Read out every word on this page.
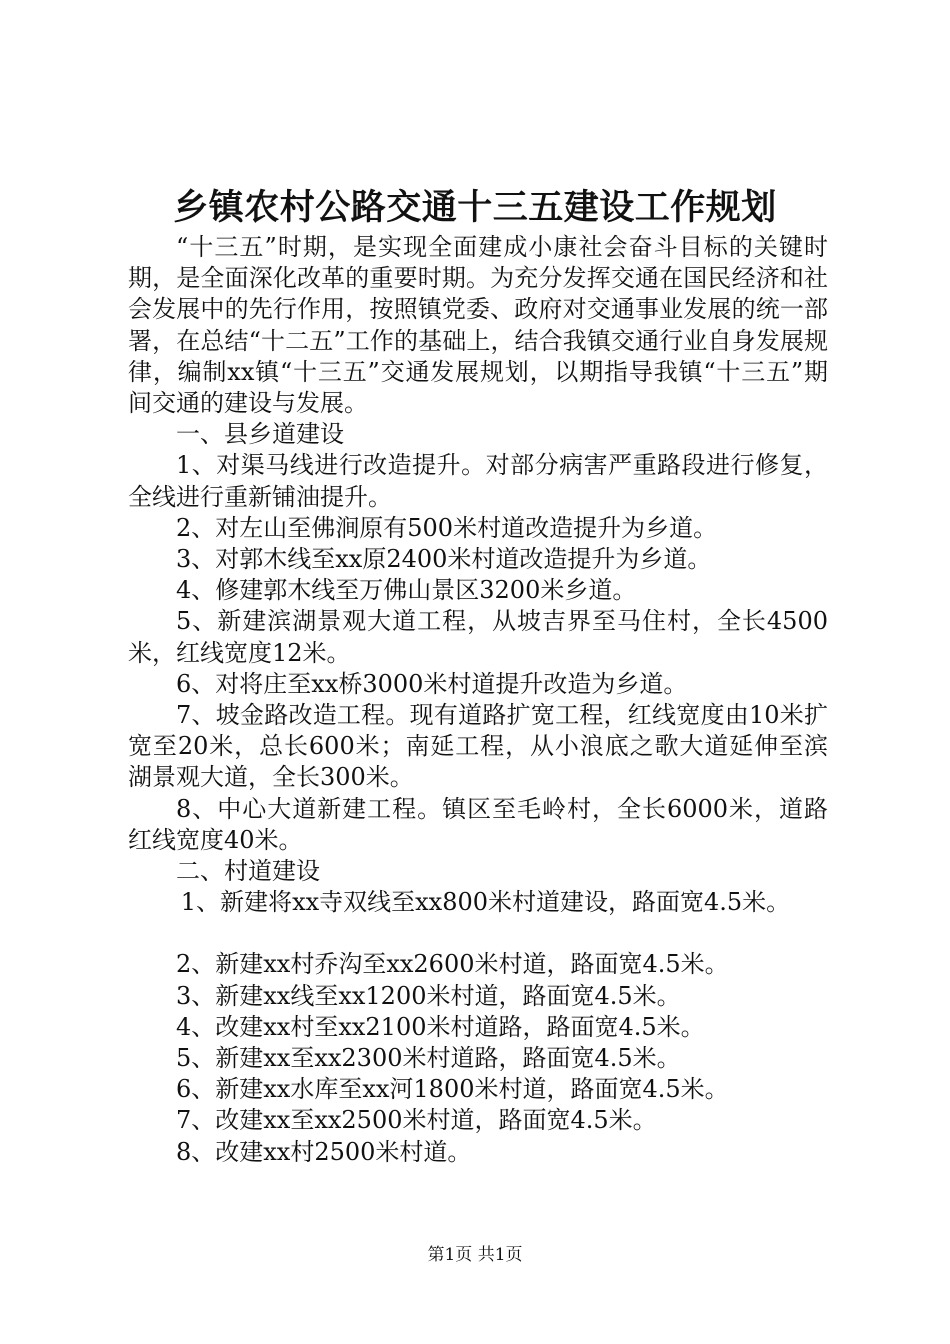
乡镇农村公路交通十三五建设工作规划

“十三五”时期，是实现全面建成小康社会奋斗目标的关键时期，是全面深化改革的重要时期。为充分发挥交通在国民经济和社会发展中的先行作用，按照镇党委、政府对交通事业发展的统一部署，在总结“十二五”工作的基础上，结合我镇交通行业自身发展规律，编制xx镇“十三五”交通发展规划，以期指导我镇“十三五”期间交通的建设与发展。

一、县乡道建设

1、对渠马线进行改造提升。对部分病害严重路段进行修复，全线进行重新铺油提升。

2、对左山至佛涧原有500米村道改造提升为乡道。

3、对郭木线至xx原2400米村道改造提升为乡道。

4、修建郭木线至万佛山景区3200米乡道。

5、新建滨湖景观大道工程，从坡吉界至马住村，全长4500米，红线宽度12米。

6、对将庄至xx桥3000米村道提升改造为乡道。

7、坡金路改造工程。现有道路扩宽工程，红线宽度由10米扩宽至20米，总长600米；南延工程，从小浪底之歌大道延伸至滨湖景观大道，全长300米。

8、中心大道新建工程。镇区至毛岭村，全长6000米，道路红线宽度40米。

二、村道建设

1、新建将xx寺双线至xx800米村道建设，路面宽4.5米。

2、新建xx村乔沟至xx2600米村道，路面宽4.5米。

3、新建xx线至xx1200米村道，路面宽4.5米。

4、改建xx村至xx2100米村道路，路面宽4.5米。

5、新建xx至xx2300米村道路，路面宽4.5米。

6、新建xx水库至xx河1800米村道，路面宽4.5米。

7、改建xx至xx2500米村道，路面宽4.5米。

8、改建xx村2500米村道。

第1页 共1页
